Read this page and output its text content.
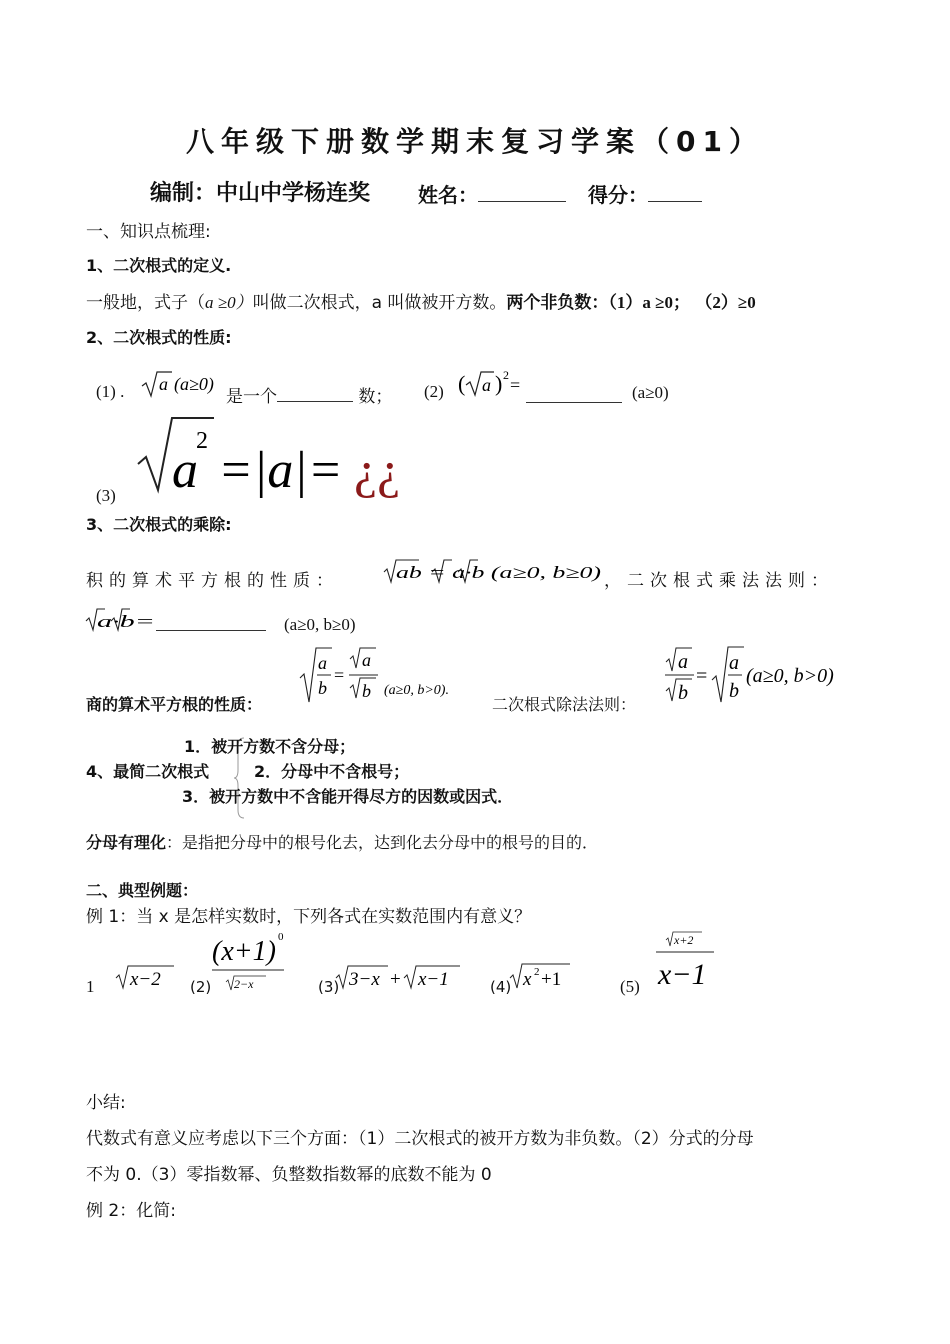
八年级下册数学期末复习学案（01）
编制：中山中学杨连奖 姓名：	得分：
一、知识点梳理:
1、二次根式的定义.
一般地，式子（a ≥0）叫做二次根式，a 叫做被开方数。两个非负数：（1）a ≥0； （2）≥0
2、二次根式的性质:
(1) . a (a≥0)
是一个	数； (2) ( a ) 2 =
	(a≥0)
(3) a
2
=|a|= ¿¿
3、二次根式的乘除:
积的算术平方根的性质：	ab = a·b (a≥0, b≥0) ，二次根式乘法法则：
a·b=
	(a≥0, b≥0)
商的算术平方根的性质：
a
b
=
a
b (a≥0, b>0).
二次根式除法法则：
a
b
=
a
b
(a≥0, b>0)
4、最简二次根式
1．被开方数不含分母；
2．分母中不含根号；
3．被开方数中不含能开得尽方的因数或因式．
分母有理化：是指把分母中的根号化去，达到化去分母中的根号的目的．
二、典型例题：
例 1：当 x 是怎样实数时，下列各式在实数范围内有意义？
1 x−2 (2)
(x+1) 0
2−x	(3) 3−x + x−1	(4) x 2 +1	(5)
x+2
x−1
小结:
代数式有意义应考虑以下三个方面：（1）二次根式的被开方数为非负数。（2）分式的分母
不为 0.（3）零指数幂、负整数指数幂的底数不能为 0
例 2：化简:
